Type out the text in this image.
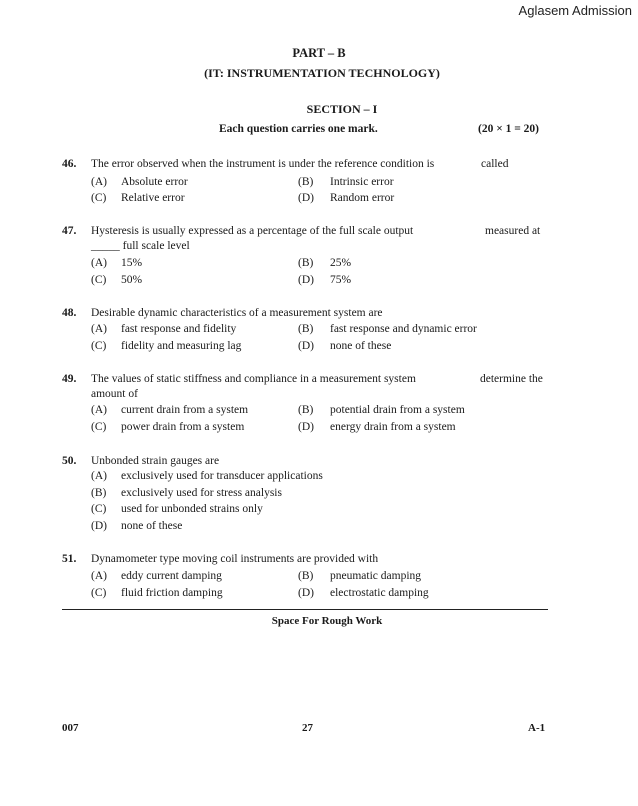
Aglasem Admission
PART – B
(IT: INSTRUMENTATION TECHNOLOGY)
SECTION – I
Each question carries one mark.	(20 × 1 = 20)
46. The error observed when the instrument is under the reference condition is	called
(A) Absolute error	(B) Intrinsic error
(C) Relative error	(D) Random error
47. Hysteresis is usually expressed as a percentage of the full scale output	measured at
_____ full scale level
(A) 15%	(B) 25%
(C) 50%	(D) 75%
48. Desirable dynamic characteristics of a measurement system are
(A) fast response and fidelity	(B) fast response and dynamic error
(C) fidelity and measuring lag	(D) none of these
49. The values of static stiffness and compliance in a measurement system	determine the
amount of
(A) current drain from a system	(B) potential drain from a system
(C) power drain from a system	(D) energy drain from a system
50. Unbonded strain gauges are
(A) exclusively used for transducer applications
(B) exclusively used for stress analysis
(C) used for unbonded strains only
(D) none of these
51. Dynamometer type moving coil instruments are provided with
(A) eddy current damping	(B) pneumatic damping
(C) fluid friction damping	(D) electrostatic damping
Space For Rough Work
007	27	A-1
